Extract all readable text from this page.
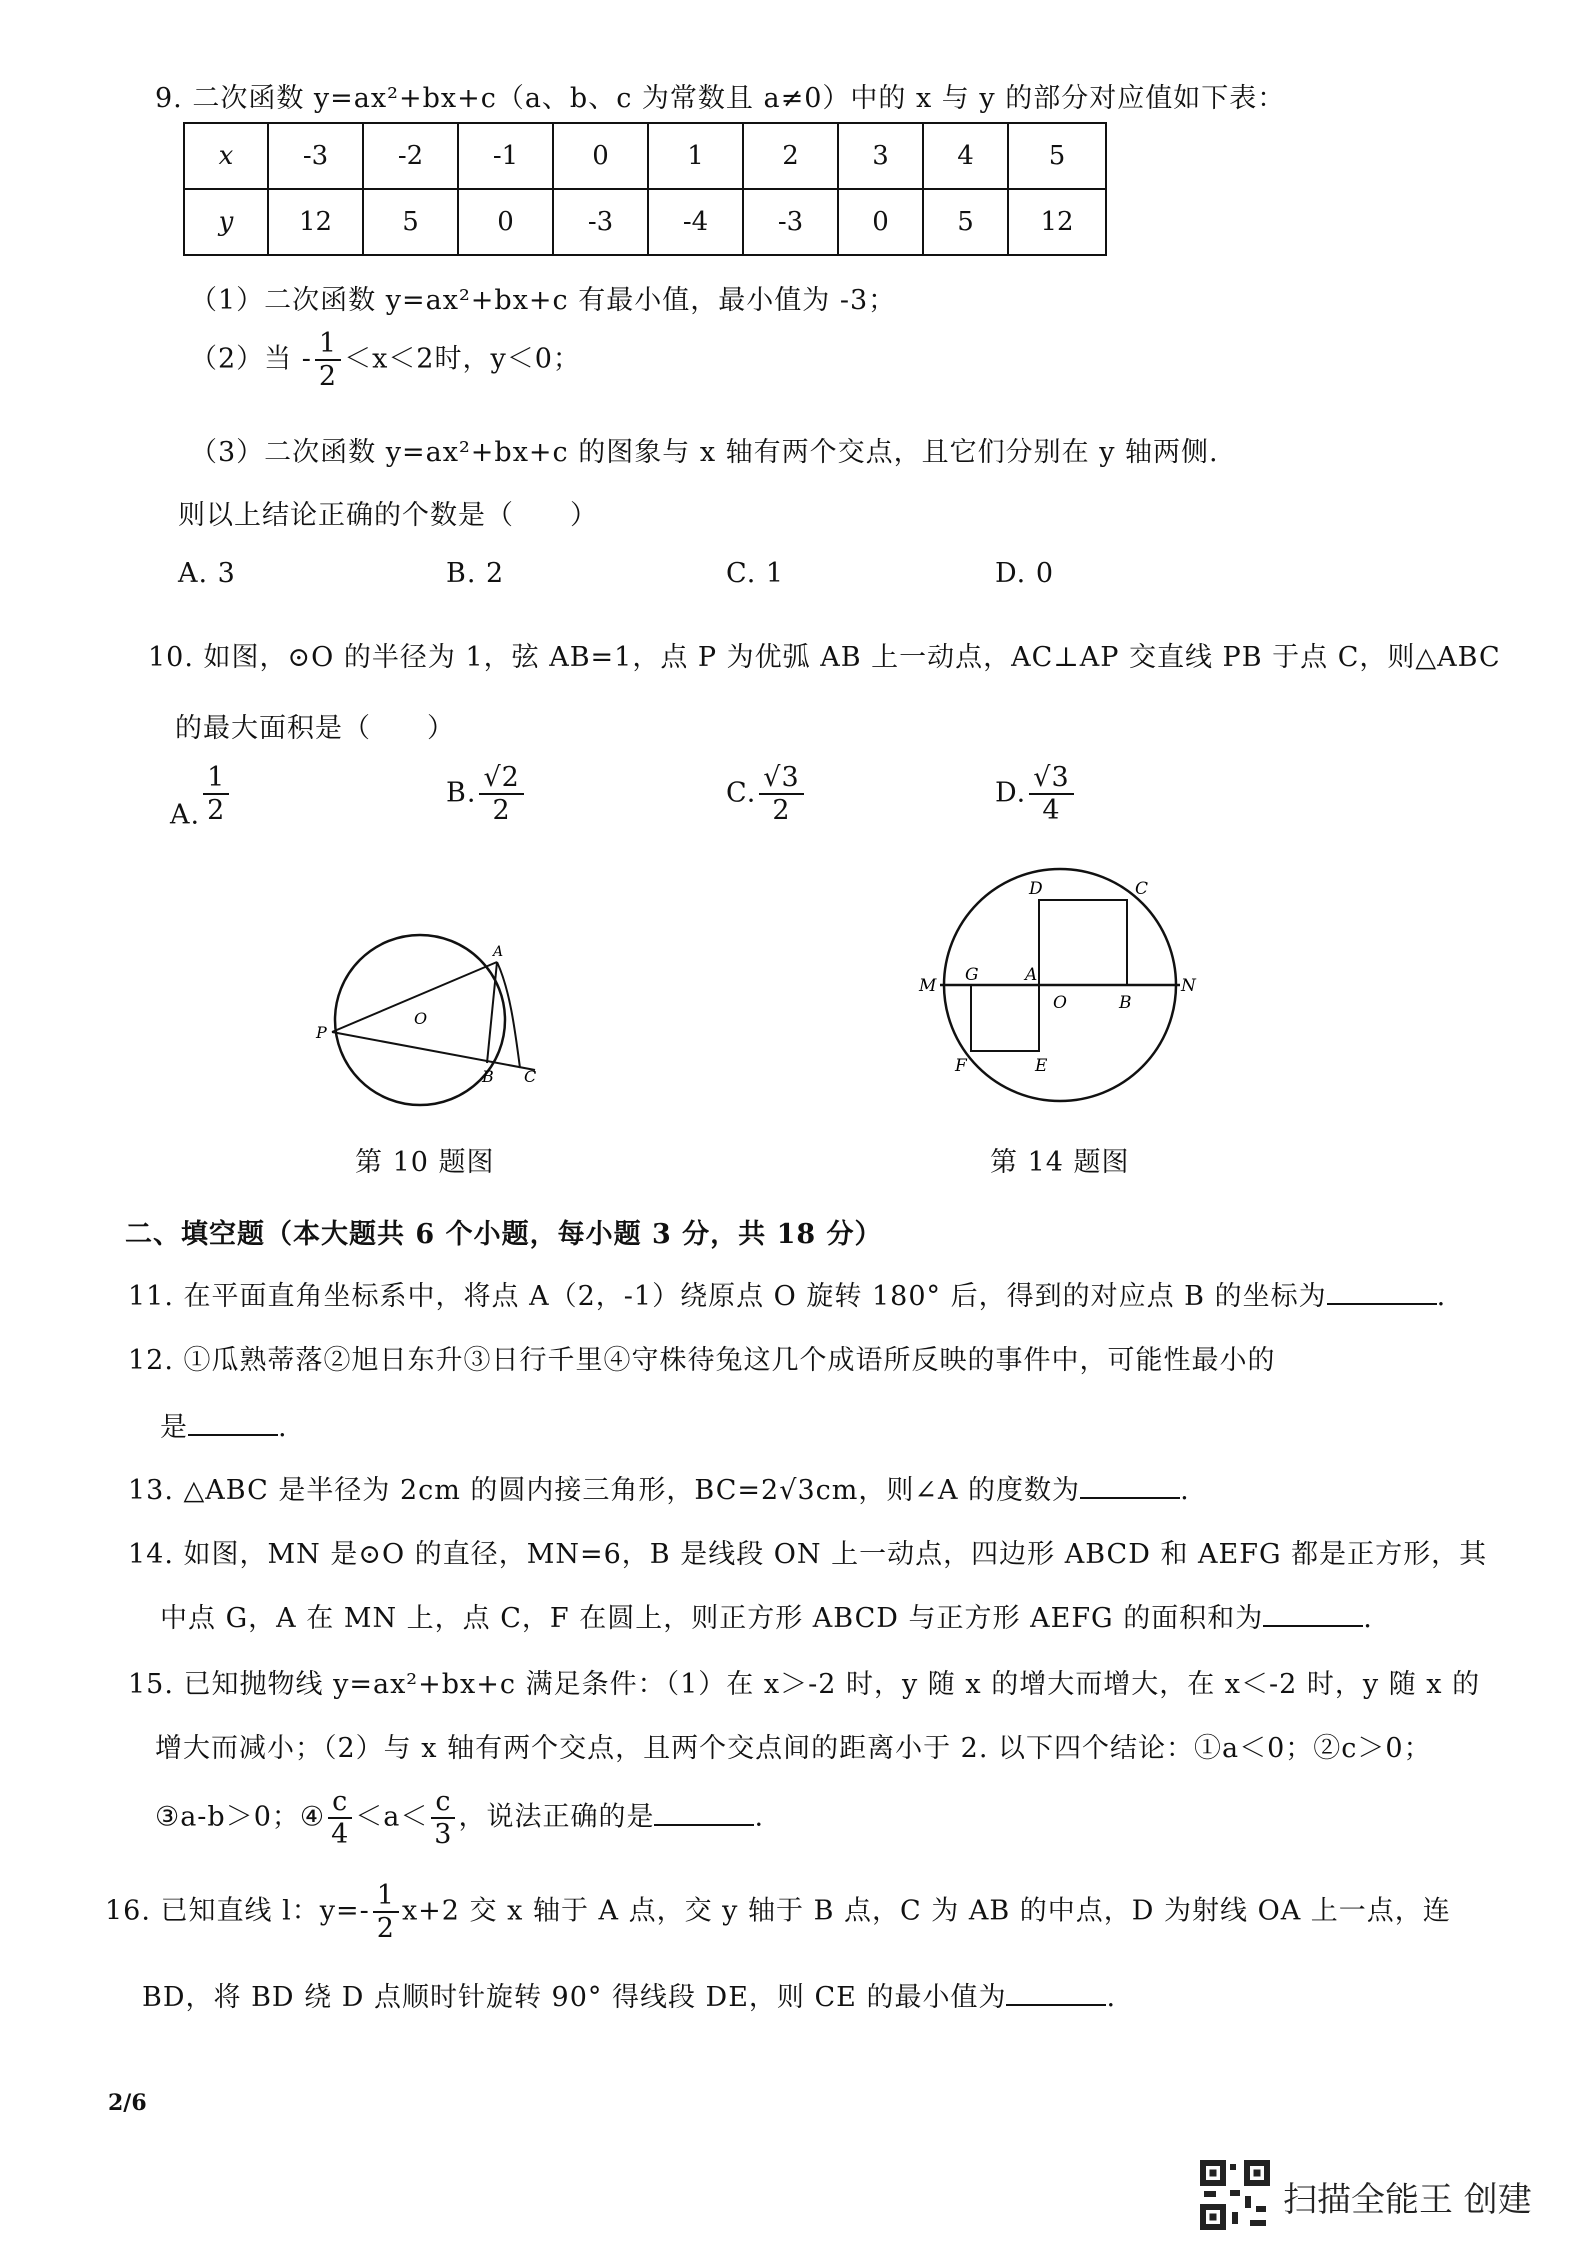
9. 二次函数 y=ax²+bx+c（a、b、c 为常数且 a≠0）中的 x 与 y 的部分对应值如下表：
x	-3	-2	-1	0	1	2	3	4	5
y	12	5	0	-3	-4	-3	0	5	12
（1）二次函数 y=ax²+bx+c 有最小值，最小值为 -3；
（2）当 - $\frac{1}{2} <x<2$时，y＜0；
（3）二次函数 y=ax²+bx+c 的图象与 x 轴有两个交点，且它们分别在 y 轴两侧.
则以上结论正确的个数是（　　）
A. 3	B. 2	C. 1	D. 0
10. 如图，⊙O 的半径为 1，弦 AB=1，点 P 为优弧 AB 上一动点，AC⊥AP 交直线 PB 于点 C，则△ABC
的最大面积是（　　）
A. $\frac{1}{2}$	B. $\frac{√2}{2}$	C. $\frac{√3}{2}$	D. $\frac{√3}{4}$
P
O
A
B C
第 10 题图
D	C
M
G	A
O	B
N
F	E
第 14 题图
二、填空题（本大题共 6 个小题，每小题 3 分，共 18 分）
11. 在平面直角坐标系中，将点 A（2，-1）绕原点 O 旋转 180° 后，得到的对应点 B 的坐标为	.
12. ①瓜熟蒂落②旭日东升③日行千里④守株待兔这几个成语所反映的事件中，可能性最小的
是	.
13. △ABC 是半径为 2cm 的圆内接三角形，BC=2√3cm，则∠A 的度数为	.
14. 如图，MN 是⊙O 的直径，MN=6，B 是线段 ON 上一动点，四边形 ABCD 和 AEFG 都是正方形，其
中点 G，A 在 MN 上，点 C，F 在圆上，则正方形 ABCD 与正方形 AEFG 的面积和为	.
15. 已知抛物线 y=ax²+bx+c 满足条件：（1）在 x＞-2 时，y 随 x 的增大而增大，在 x＜-2 时，y 随 x 的
增大而减小；（2）与 x 轴有两个交点，且两个交点间的距离小于 2. 以下四个结论：①a＜0；②c＞0；
③a-b＞0；④ $\frac{c}{4} <a< \frac{c}{3}$ ，说法正确的是	.
16. 已知直线 l：$y=- \frac{1}{2} x+2$ 交 x 轴于 A 点，交 y 轴于 B 点，C 为 AB 的中点，D 为射线 OA 上一点，连
BD，将 BD 绕 D 点顺时针旋转 90° 得线段 DE，则 CE 的最小值为	.
2/6
扫描全能王 创建
